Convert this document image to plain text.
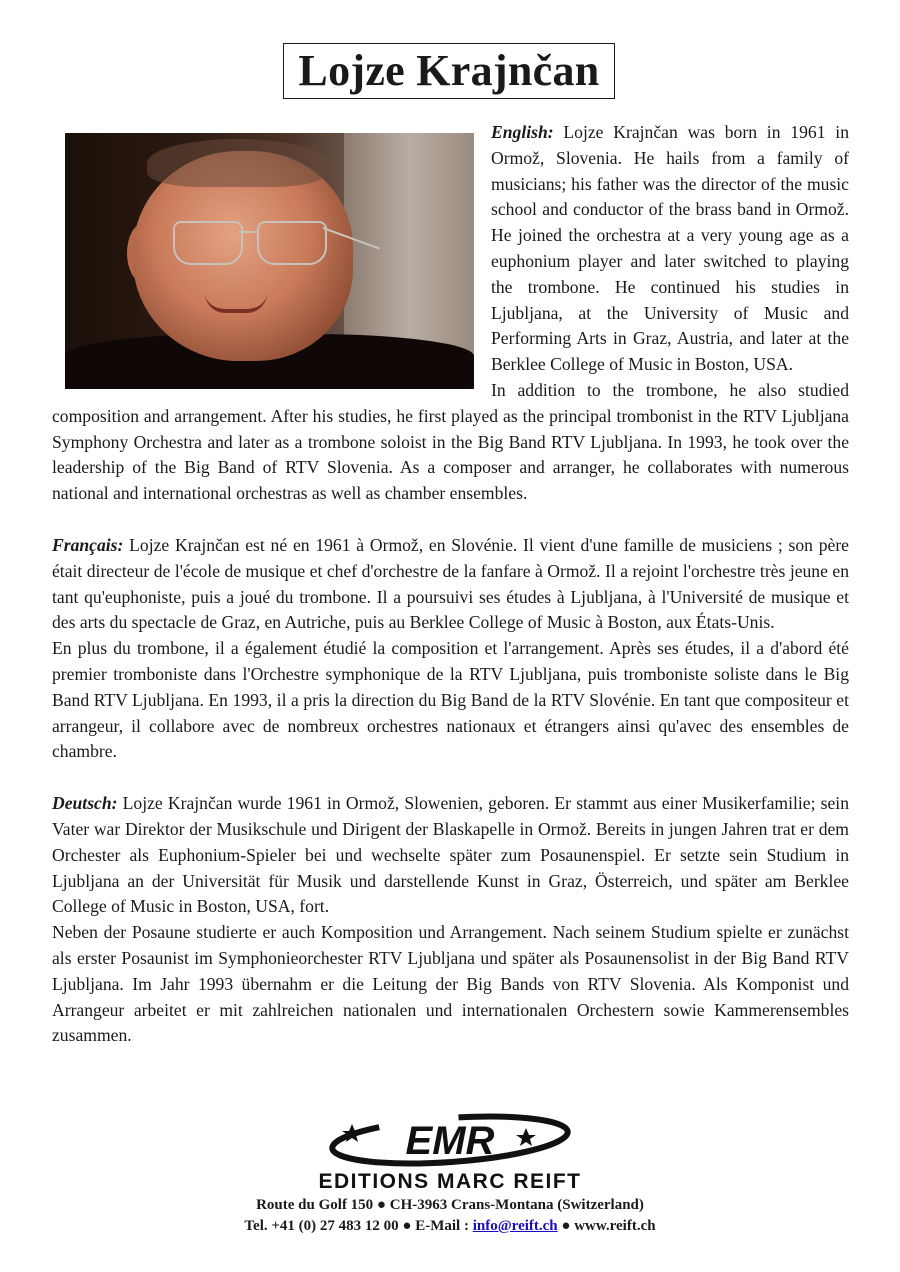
Lojze Krajnčan

English: Lojze Krajnčan was born in 1961 in Ormož, Slovenia. He hails from a family of musicians; his father was the director of the music school and conductor of the brass band in Ormož. He joined the orchestra at a very young age as a euphonium player and later switched to playing the trombone. He continued his studies in Ljubljana, at the University of Music and Performing Arts in Graz, Austria, and later at the Berklee College of Music in Boston, USA.

In addition to the trombone, he also studied composition and arrangement. After his studies, he first played as the principal trombonist in the RTV Ljubljana Symphony Orchestra and later as a trombone soloist in the Big Band RTV Ljubljana. In 1993, he took over the leadership of the Big Band of RTV Slovenia. As a composer and arranger, he collaborates with numerous national and international orchestras as well as chamber ensembles.

Français: Lojze Krajnčan est né en 1961 à Ormož, en Slovénie. Il vient d'une famille de musiciens ; son père était directeur de l'école de musique et chef d'orchestre de la fanfare à Ormož. Il a rejoint l'orchestre très jeune en tant qu'euphoniste, puis a joué du trombone. Il a poursuivi ses études à Ljubljana, à l'Université de musique et des arts du spectacle de Graz, en Autriche, puis au Berklee College of Music à Boston, aux États-Unis.

En plus du trombone, il a également étudié la composition et l'arrangement. Après ses études, il a d'abord été premier tromboniste dans l'Orchestre symphonique de la RTV Ljubljana, puis tromboniste soliste dans le Big Band RTV Ljubljana. En 1993, il a pris la direction du Big Band de la RTV Slovénie. En tant que compositeur et arrangeur, il collabore avec de nombreux orchestres nationaux et étrangers ainsi qu'avec des ensembles de chambre.

Deutsch: Lojze Krajnčan wurde 1961 in Ormož, Slowenien, geboren. Er stammt aus einer Musikerfamilie; sein Vater war Direktor der Musikschule und Dirigent der Blaskapelle in Ormož. Bereits in jungen Jahren trat er dem Orchester als Euphonium-Spieler bei und wechselte später zum Posaunenspiel. Er setzte sein Studium in Ljubljana an der Universität für Musik und darstellende Kunst in Graz, Österreich, und später am Berklee College of Music in Boston, USA, fort.

Neben der Posaune studierte er auch Komposition und Arrangement. Nach seinem Studium spielte er zunächst als erster Posaunist im Symphonieorchester RTV Ljubljana und später als Posaunensolist in der Big Band RTV Ljubljana. Im Jahr 1993 übernahm er die Leitung der Big Bands von RTV Slovenia. Als Komponist und Arrangeur arbeitet er mit zahlreichen nationalen und internationalen Orchestern sowie Kammerensembles zusammen.

EMR
EDITIONS MARC REIFT
Route du Golf 150 ● CH-3963 Crans-Montana (Switzerland)
Tel. +41 (0) 27 483 12 00 ● E-Mail : info@reift.ch ● www.reift.ch
